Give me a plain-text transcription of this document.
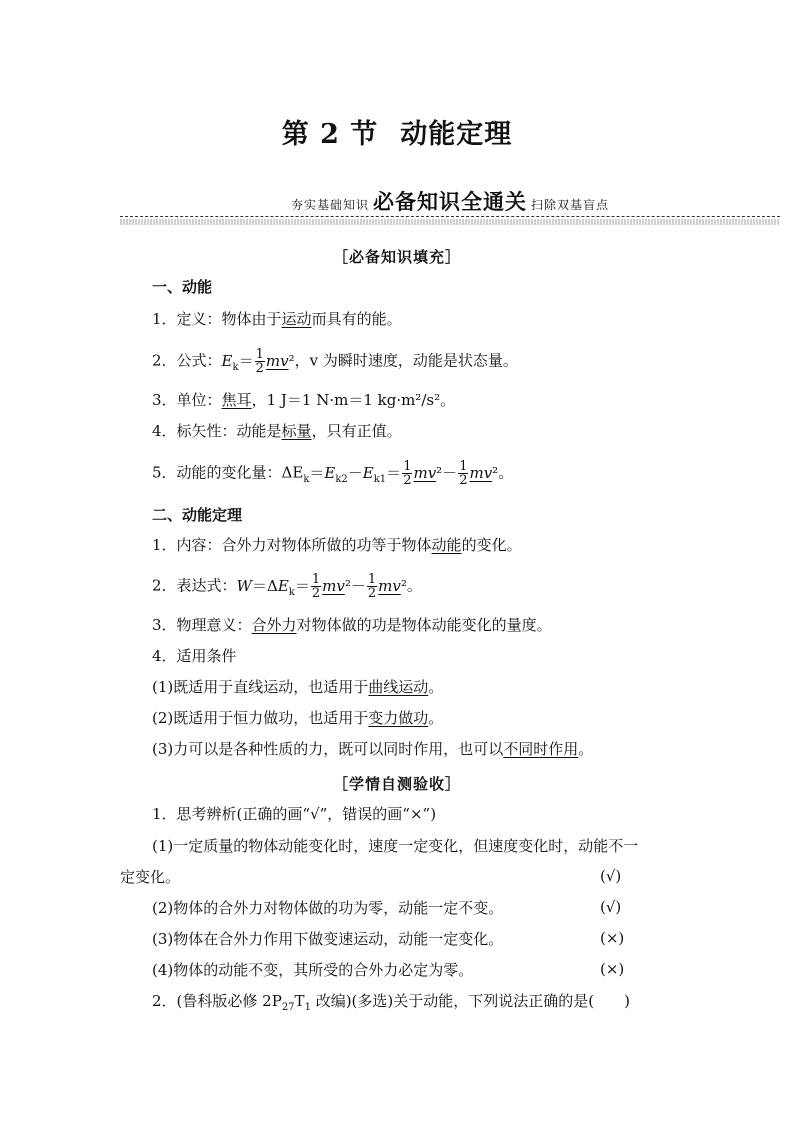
第 2 节 动能定理
夯实基础知识 必备知识全通关 扫除双基盲点
［必备知识填充］
一、动能
1．定义：物体由于运动而具有的能。
2．公式：$E_k= \frac{1}{2} mv^2$，v 为瞬时速度，动能是状态量。
3．单位：焦耳，1 J＝1 N·m＝1 kg·m²/s²。
4．标矢性：动能是标量，只有正值。
5．动能的变化量：$\Delta E_k=E_{k2}-E_{k1}= \frac{1}{2} mv^2- \frac{1}{2} mv^2$。
二、动能定理
1．内容：合外力对物体所做的功等于物体动能的变化。
2．表达式：$W=\Delta E_k= \frac{1}{2} mv^2- \frac{1}{2} mv^2$。
3．物理意义：合外力对物体做的功是物体动能变化的量度。
4．适用条件
(1)既适用于直线运动，也适用于曲线运动。
(2)既适用于恒力做功，也适用于变力做功。
(3)力可以是各种性质的力，既可以同时作用，也可以不同时作用。
［学情自测验收］
1．思考辨析(正确的画“√”，错误的画“×”)
(1)一定质量的物体动能变化时，速度一定变化，但速度变化时，动能不一
定变化。	(√)
(2)物体的合外力对物体做的功为零，动能一定不变。	(√)
(3)物体在合外力作用下做变速运动，动能一定变化。	(×)
(4)物体的动能不变，其所受的合外力必定为零。	(×)
2．(鲁科版必修 $2P_{27}T_1$ 改编)(多选)关于动能，下列说法正确的是(　　)
